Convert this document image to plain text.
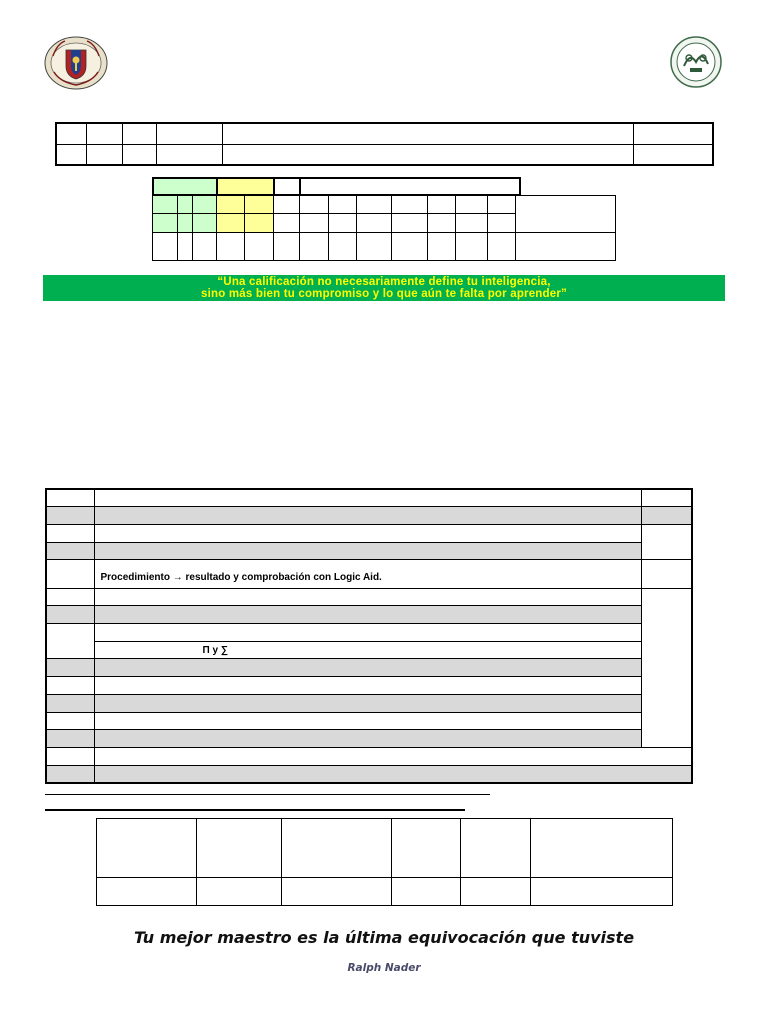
“Una calificación no necesariamente define tu inteligencia,
sino más bien tu compromiso y lo que aún te falta por aprender”

	Procedimiento → resultado y comprobación con Logic Aid.	

	Π y ∑	

Tu mejor maestro es la última equivocación que tuviste
Ralph Nader
